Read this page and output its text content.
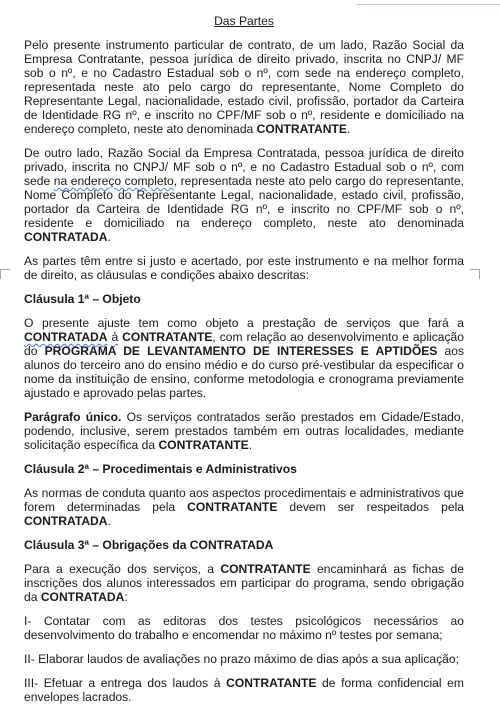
Das Partes

Pelo presente instrumento particular de contrato, de um lado, Razão Social da Empresa Contratante, pessoa jurídica de direito privado, inscrita no CNPJ/ MF sob o nº, e no Cadastro Estadual sob o nº, com sede na endereço completo, representada neste ato pelo cargo do representante, Nome Completo do Representante Legal, nacionalidade, estado civil, profissão, portador da Carteira de Identidade RG nº, e inscrito no CPF/MF sob o nº, residente e domiciliado na endereço completo, neste ato denominada CONTRATANTE.

De outro lado, Razão Social da Empresa Contratada, pessoa jurídica de direito privado, inscrita no CNPJ/ MF sob o nº, e no Cadastro Estadual sob o nº, com sede na endereço completo, representada neste ato pelo cargo do representante, Nome Completo do Representante Legal, nacionalidade, estado civil, profissão, portador da Carteira de Identidade RG nº, e inscrito no CPF/MF sob o nº, residente e domiciliado na endereço completo, neste ato denominada CONTRATADA.

As partes têm entre si justo e acertado, por este instrumento e na melhor forma de direito, as cláusulas e condições abaixo descritas:

Cláusula 1ª – Objeto

O presente ajuste tem como objeto a prestação de serviços que fará a CONTRATADA à CONTRATANTE, com relação ao desenvolvimento e aplicação do PROGRAMA DE LEVANTAMENTO DE INTERESSES E APTIDÕES aos alunos do terceiro ano do ensino médio e do curso pré-vestibular da especificar o nome da instituição de ensino, conforme metodologia e cronograma previamente ajustado e aprovado pelas partes.

Parágrafo único. Os serviços contratados serão prestados em Cidade/Estado, podendo, inclusive, serem prestados também em outras localidades, mediante solicitação específica da CONTRATANTE.

Cláusula 2ª – Procedimentais e Administrativos

As normas de conduta quanto aos aspectos procedimentais e administrativos que forem determinadas pela CONTRATANTE devem ser respeitados pela CONTRATADA.

Cláusula 3ª – Obrigações da CONTRATADA

Para a execução dos serviços, a CONTRATANTE encaminhará as fichas de inscrições dos alunos interessados em participar do programa, sendo obrigação da CONTRATADA:

I- Contatar com as editoras dos testes psicológicos necessários ao desenvolvimento do trabalho e encomendar no máximo nº testes por semana;

II- Elaborar laudos de avaliações no prazo máximo de dias após a sua aplicação;

III- Efetuar a entrega dos laudos à CONTRATANTE de forma confidencial em envelopes lacrados.
